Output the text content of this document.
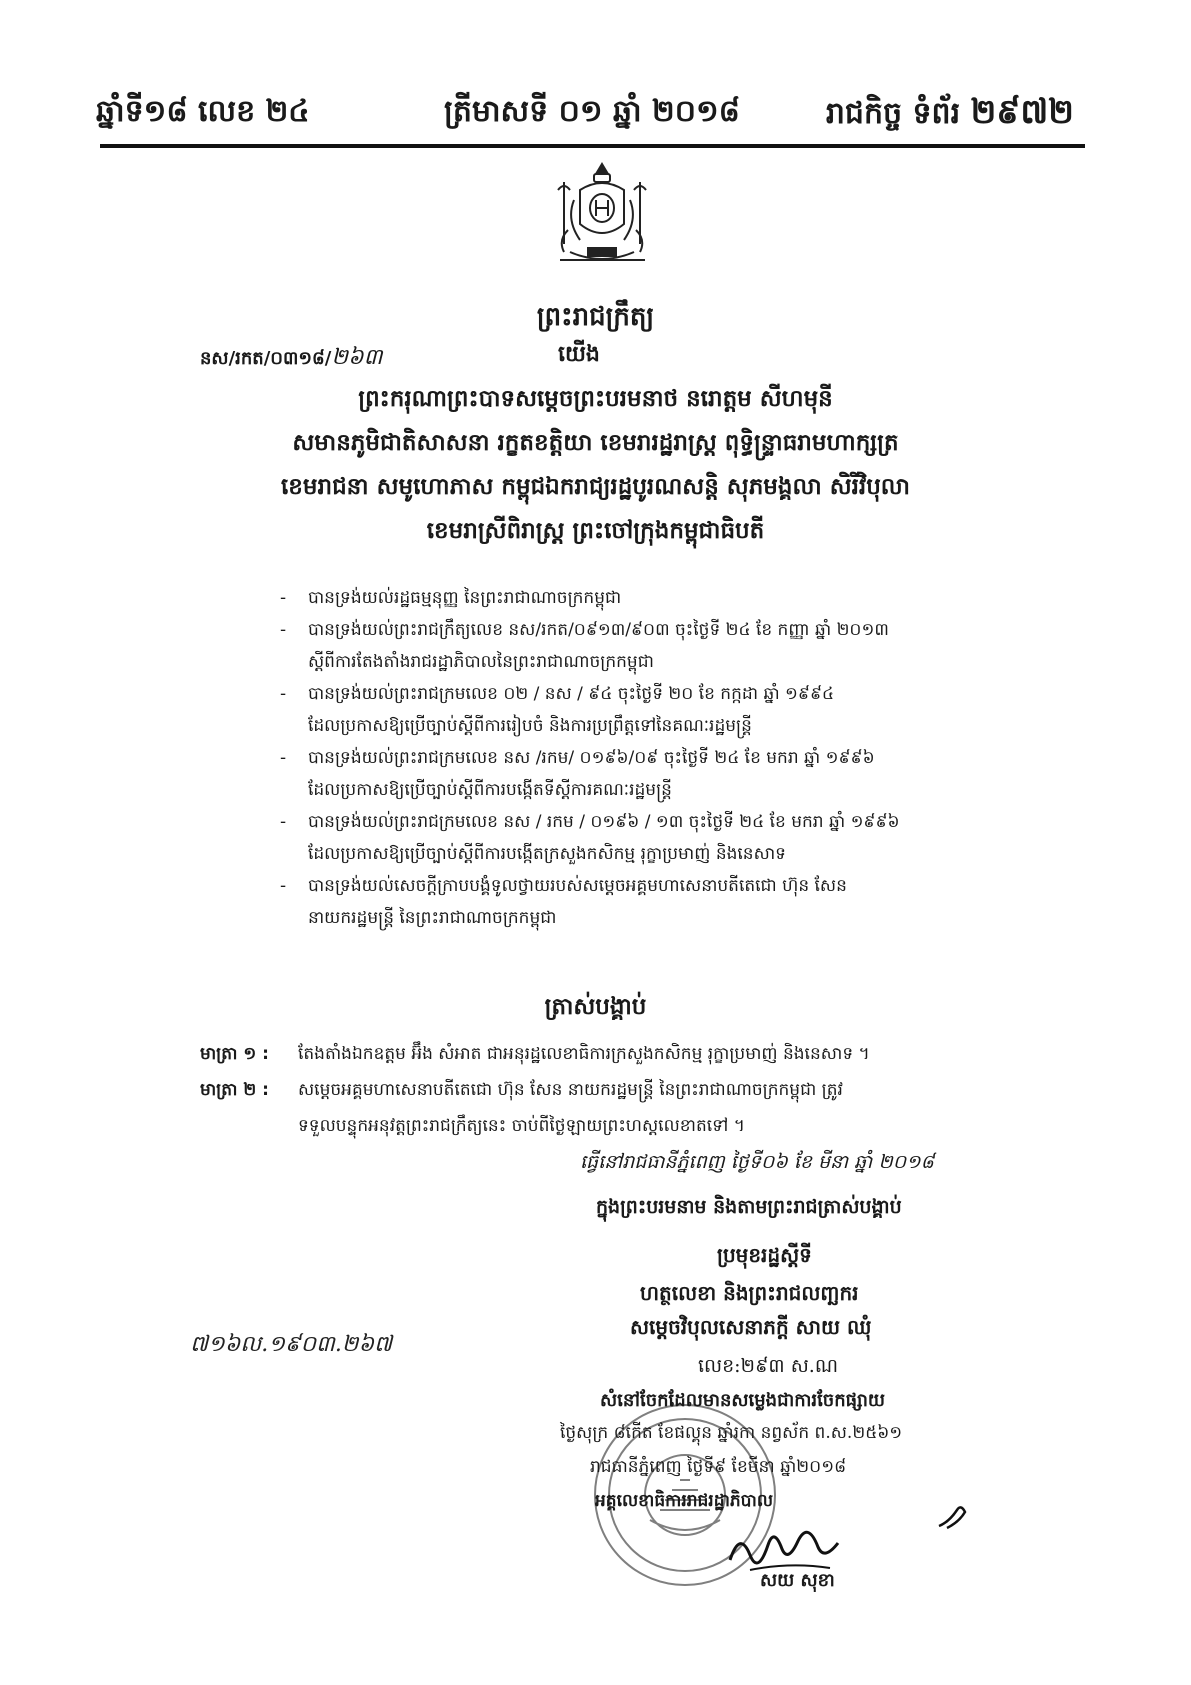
ឆ្នាំទី១៨ លេខ ២៤	ត្រីមាសទី ០១ ឆ្នាំ ២០១៨	រាជកិច្ច ទំព័រ ២៩៧២
ព្រះរាជក្រឹត្យ
នស/រកត/០៣១៨/២៦៣	យើង
ព្រះករុណាព្រះបាទសម្តេចព្រះបរមនាថ នរោត្តម សីហមុនី
សមានភូមិជាតិសាសនា រក្ខតខត្តិយា ខេមរារដ្ឋរាស្ត្រ ពុទ្ធិន្ទ្រាធរាមហាក្សត្រ
ខេមរាជនា សមូហោភាស កម្ពុជឯករាជ្យរដ្ឋបូរណសន្តិ សុភមង្គលា សិរីវិបុលា
ខេមរាស្រីពិរាស្ត្រ ព្រះចៅក្រុងកម្ពុជាធិបតី
- បានទ្រង់យល់រដ្ឋធម្មនុញ្ញ នៃព្រះរាជាណាចក្រកម្ពុជា
- បានទ្រង់យល់ព្រះរាជក្រឹត្យលេខ នស/រកត/០៩១៣/៩០៣ ចុះថ្ងៃទី ២៤ ខែ កញ្ញា ឆ្នាំ ២០១៣
ស្តីពីការតែងតាំងរាជរដ្ឋាភិបាលនៃព្រះរាជាណាចក្រកម្ពុជា
- បានទ្រង់យល់ព្រះរាជក្រមលេខ ០២ / នស / ៩៤ ចុះថ្ងៃទី ២០ ខែ កក្កដា ឆ្នាំ ១៩៩៤
ដែលប្រកាសឱ្យប្រើច្បាប់ស្តីពីការរៀបចំ និងការប្រព្រឹត្តទៅនៃគណៈរដ្ឋមន្ត្រី
- បានទ្រង់យល់ព្រះរាជក្រមលេខ នស /រកម/ ០១៩៦/០៩ ចុះថ្ងៃទី ២៤ ខែ មករា ឆ្នាំ ១៩៩៦
ដែលប្រកាសឱ្យប្រើច្បាប់ស្តីពីការបង្កើតទីស្តីការគណៈរដ្ឋមន្ត្រី
- បានទ្រង់យល់ព្រះរាជក្រមលេខ នស / រកម / ០១៩៦ / ១៣ ចុះថ្ងៃទី ២៤ ខែ មករា ឆ្នាំ ១៩៩៦
ដែលប្រកាសឱ្យប្រើច្បាប់ស្តីពីការបង្កើតក្រសួងកសិកម្ម រុក្ខាប្រមាញ់ និងនេសាទ
- បានទ្រង់យល់សេចក្តីក្រាបបង្គំទូលថ្វាយរបស់សម្តេចអគ្គមហាសេនាបតីតេជោ ហ៊ុន សែន
នាយករដ្ឋមន្ត្រី នៃព្រះរាជាណាចក្រកម្ពុជា
ត្រាស់បង្គាប់
មាត្រា ១ : តែងតាំងឯកឧត្តម អ៊ឹង សំអាត ជាអនុរដ្ឋលេខាធិការក្រសួងកសិកម្ម រុក្ខាប្រមាញ់ និងនេសាទ ។
មាត្រា ២ : សម្តេចអគ្គមហាសេនាបតីតេជោ ហ៊ុន សែន នាយករដ្ឋមន្ត្រី នៃព្រះរាជាណាចក្រកម្ពុជា ត្រូវ
ទទួលបន្ទុកអនុវត្តព្រះរាជក្រឹត្យនេះ ចាប់ពីថ្ងៃឡាយព្រះហស្តលេខាតទៅ ។
ធ្វើនៅរាជធានីភ្នំពេញ ថ្ងៃទី០៦ ខែ មីនា ឆ្នាំ ២០១៨
ក្នុងព្រះបរមនាម និងតាមព្រះរាជត្រាស់បង្គាប់
ប្រមុខរដ្ឋស្តីទី
ហត្ថលេខា និងព្រះរាជលញ្ឆករ
សម្តេចវិបុលសេនាភក្តី សាយ ឈុំ
៧១៦ល.១៩០៣.២៦៧
លេខ:២៩៣ ស.ណ
សំនៅចែកដែលមានសម្លេងជាការចែកផ្សាយ
ថ្ងៃសុក្រ ៨កើត ខែផល្គុន ឆ្នាំរកា នព្វស័ក ព.ស.២៥៦១
រាជធានីភ្នំពេញ ថ្ងៃទី៩ ខែមីនា ឆ្នាំ២០១៨
អគ្គលេខាធិការរាជរដ្ឋាភិបាល
សយ សុខា
